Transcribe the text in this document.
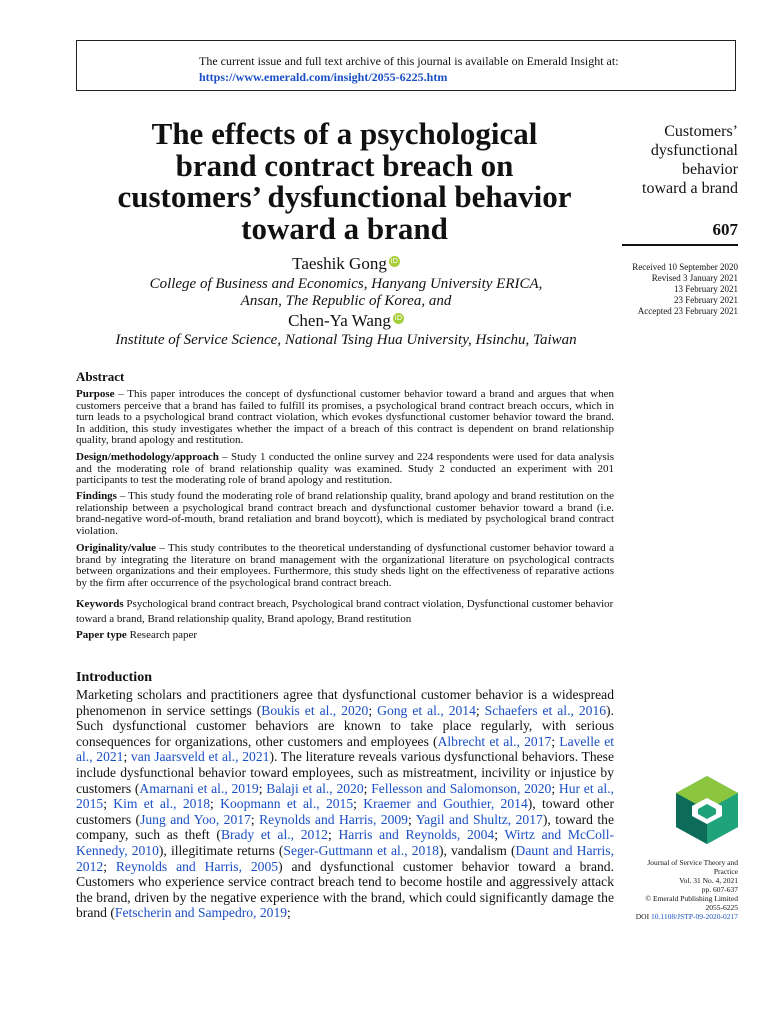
The current issue and full text archive of this journal is available on Emerald Insight at:
https://www.emerald.com/insight/2055-6225.htm
The effects of a psychological
brand contract breach on
customers’ dysfunctional behavior
toward a brand
Taeshik Gong iD
College of Business and Economics, Hanyang University ERICA,
Ansan, The Republic of Korea, and
Chen-Ya Wang iD
Institute of Service Science, National Tsing Hua University, Hsinchu, Taiwan
Customers’
dysfunctional
behavior
toward a brand
607
Received 10 September 2020
Revised 3 January 2021
13 February 2021
23 February 2021
Accepted 23 February 2021
Abstract
Purpose – This paper introduces the concept of dysfunctional customer behavior toward a brand and argues that when customers perceive that a brand has failed to fulfill its promises, a psychological brand contract breach occurs, which in turn leads to a psychological brand contract violation, which evokes dysfunctional customer behavior toward the brand. In addition, this study investigates whether the impact of a breach of this contract is dependent on brand relationship quality, brand apology and restitution.
Design/methodology/approach – Study 1 conducted the online survey and 224 respondents were used for data analysis and the moderating role of brand relationship quality was examined. Study 2 conducted an experiment with 201 participants to test the moderating role of brand apology and restitution.
Findings – This study found the moderating role of brand relationship quality, brand apology and brand restitution on the relationship between a psychological brand contract breach and dysfunctional customer behavior toward a brand (i.e. brand-negative word-of-mouth, brand retaliation and brand boycott), which is mediated by psychological brand contract violation.
Originality/value – This study contributes to the theoretical understanding of dysfunctional customer behavior toward a brand by integrating the literature on brand management with the organizational literature on psychological contracts between organizations and their employees. Furthermore, this study sheds light on the effectiveness of reparative actions by the firm after occurrence of the psychological brand contract breach.
Keywords Psychological brand contract breach, Psychological brand contract violation, Dysfunctional customer behavior toward a brand, Brand relationship quality, Brand apology, Brand restitution
Paper type Research paper
Introduction
Marketing scholars and practitioners agree that dysfunctional customer behavior is a widespread phenomenon in service settings (Boukis et al., 2020; Gong et al., 2014; Schaefers et al., 2016). Such dysfunctional customer behaviors are known to take place regularly, with serious consequences for organizations, other customers and employees (Albrecht et al., 2017; Lavelle et al., 2021; van Jaarsveld et al., 2021). The literature reveals various dysfunctional behaviors. These include dysfunctional behavior toward employees, such as mistreatment, incivility or injustice by customers (Amarnani et al., 2019; Balaji et al., 2020; Fellesson and Salomonson, 2020; Hur et al., 2015; Kim et al., 2018; Koopmann et al., 2015; Kraemer and Gouthier, 2014), toward other customers (Jung and Yoo, 2017; Reynolds and Harris, 2009; Yagil and Shultz, 2017), toward the company, such as theft (Brady et al., 2012; Harris and Reynolds, 2004; Wirtz and McColl-Kennedy, 2010), illegitimate returns (Seger-Guttmann et al., 2018), vandalism (Daunt and Harris, 2012; Reynolds and Harris, 2005) and dysfunctional customer behavior toward a brand. Customers who experience service contract breach tend to become hostile and aggressively attack the brand, driven by the negative experience with the brand, which could significantly damage the brand (Fetscherin and Sampedro, 2019;
Journal of Service Theory and
Practice
Vol. 31 No. 4, 2021
pp. 607-637
© Emerald Publishing Limited
2055-6225
DOI 10.1108/JSTP-09-2020-0217
